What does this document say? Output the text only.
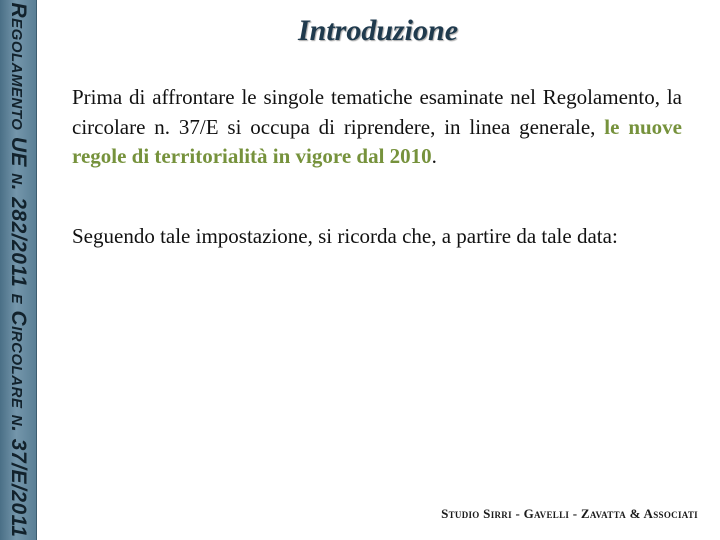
Regolamento UE n. 282/2011 e Circolare n. 37/E/2011	Introduzione

Prima di affrontare le singole tematiche esaminate nel Regolamento, la circolare n. 37/E si occupa di riprendere, in linea generale, le nuove regole di territorialità in vigore dal 2010.

Seguendo tale impostazione, si ricorda che, a partire da tale data:

Studio Sirri - Gavelli - Zavatta & Associati
